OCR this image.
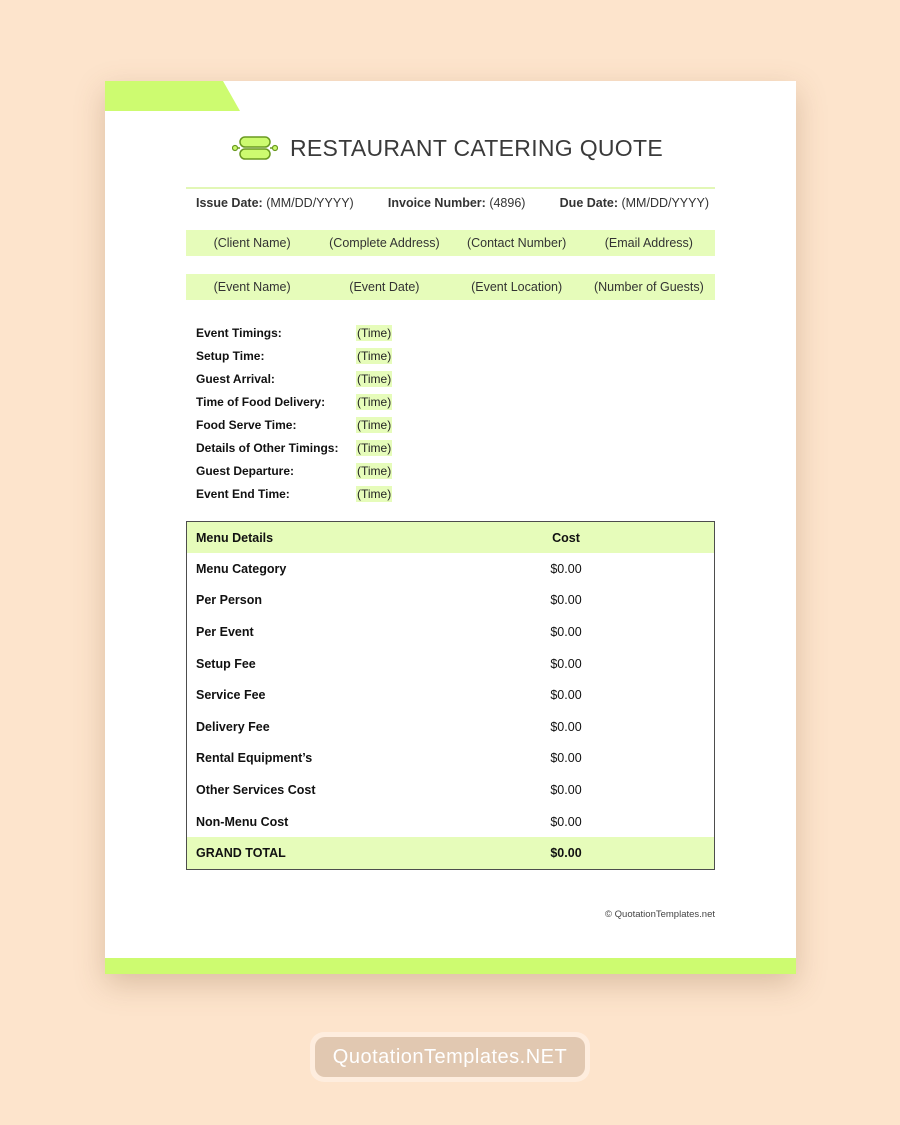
RESTAURANT CATERING QUOTE
Issue Date: (MM/DD/YYYY)	Invoice Number: (4896)	Due Date: (MM/DD/YYYY)
(Client Name)	(Complete Address)	(Contact Number)	(Email Address)
(Event Name)	(Event Date)	(Event Location)	(Number of Guests)
Event Timings:	(Time)
Setup Time:	(Time)
Guest Arrival:	(Time)
Time of Food Delivery:	(Time)
Food Serve Time:	(Time)
Details of Other Timings:	(Time)
Guest Departure:	(Time)
Event End Time:	(Time)
Menu Details	Cost
Menu Category	$0.00
Per Person	$0.00
Per Event	$0.00
Setup Fee	$0.00
Service Fee	$0.00
Delivery Fee	$0.00
Rental Equipment’s	$0.00
Other Services Cost	$0.00
Non-Menu Cost	$0.00
GRAND TOTAL	$0.00
© QuotationTemplates.net
QuotationTemplates.NET
